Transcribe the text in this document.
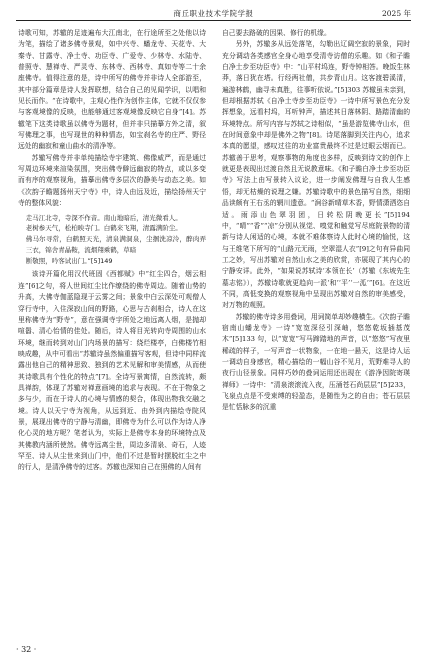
商丘职业技术学院学报	2025 年

诗歌可知，苏辙的足迹遍布大江南北，在行途所至之处他以诗为笔，描绘了诸多佛寺景观，如中兴寺、蟠龙寺、天花寺、大秦寺、甘露寺、净土寺、功臣寺、广爱寺、少林寺、水陆寺、普照寺、慧禅寺、严灵寺、东林寺、西林寺、真如寺等二十余座佛寺。值得注意的是，诗中所写的佛寺并非诗人全部游至，其中部分篇章是诗人发挥联想，结合自己的见闻学识，以唱和见长而作。“在诗歌中，主观心性作为创作主体，它就不仅仅参与客观境像的反映，也能够通过客观境像反映它自身”[4]。苏辙笔下这类诗歌虽以佛寺为题材，但并非只描摹方外之清，叙写佛理之事，也写现世的种种情态，如宝刹名寺的庄严、野径远处的幽寂和童山曲水的清净等。

苏辙写佛寺并非单纯描绘寺宇建筑、佛像威严，而是通过写周边环境来渲染氛围，突出佛寺僻远幽寂的特点，或以多变而有序的观察视角，描摹出佛寺多层次的静美与动态之美。如《次韵子瞻题扬州天宁寺》中，诗人由远及近，描绘扬州天宁寺的整体风貌：

走马江北寺，寺深不作音。南山地暗后，清光微看人。
老树参天气，松柏映寺门。白鹤来飞翔，清露满阶尘。
佛马尔寻常，白鹤照天光，清泉满洞泉，尘掴洗凉泠，醉肉弄三衣，锦舍青晶鞍，流烟翔乘鹤，草暗
断敬照，吟客试出门。”[5]149

该诗开篇化用汉代班固《西都赋》中“红尘四合，烟云相连”[6]之句，将人世间红尘比作缭绕的佛寺周边。随着山势的升高，大佛寺伽蓝隐现于云雾之间；景象中白云深处可观僧人穿行寺中，入住深寂山间的野路，心思与古刹相合，诗人在这里称佛寺为“野寺”，意在强调寺宇所处之地远离人烟，是抛却喧嚣、清心怡情的佳处。随后，诗人将目光转向寺周围的山水环境，继而转到对山门内场景的描写：绕烂楼亭，白佛楼竹相映成趣，从中可看出“苏辙诗虽然偏重描写客观，但诗中同样流露出他自己的精神思致、独到的艺术见解和审美情感，从而使其诗歌具有个性化的特点”[7]。全诗写景寓情，自然流转，颇具禅韵，体现了苏辙对禅意画境的追求与表现。不在于物象之多与少，而在于诗人的心境与情感的契合，体现出物我交融之境。诗人以天宁寺为视角，从远到近、由外到内描绘寺院风景，展现出佛寺的宁静与清幽，即佛寺为什么可以作为诗人净化心灵的地方呢？笔者认为，实际上是佛寺本身的环境特点及其佛教内涵所使然。佛寺远离尘世，周边多清泉、奇石，人迹罕至、诗人从尘世来到山门中，他们不过是暂时摆脱红尘之中的行人，是清净佛寺的过客。苏辙也深知自己在照佛的人间有

自己要去路破的因果、修行的机缘。

另外，苏辙多从远处落笔，勾勒出辽阔空寂的景象，同时充分调动各类感官全身心地享受清寺访僧的乐趣。如《和子瞻白净土步至功臣寺》中：“山平村坞连，野寺钟相答。晚饭生林莽，落日犹在塔。行经两社僧，共步青山月。这客渡碧溪清，遍游林鹤，幽寻未真胜，往事听依说。”[5]303 苏辙虽未亲到，但却根据苏轼《自净土寺步至功臣寺》一诗中所写景色充分发挥想象，远看村坞，耳听钟声，描述其日落林阴、路踏清幽的环境特点。所写内容与苏轼之诗相似，“虽是游览佛寺山水，但在时间意象中却是佛外之物”[8]。诗尾落脚到关注内心，追求本真的愿望，感叹过往的功业富贵最终不过是过眼云烟而已。苏辙善于思考，观察事物的角度也多样，反映到诗文的创作上就更是表现出过渡自然且无说教意味。《和子瞻白净土步至功臣寺》写法上由写景转入议论，进一步阐发佛理与自我人生感悟，却无枯燥的说理之嫌。苏辙诗歌中的景色描写自然，细细品读颇有王右丞的辋川遗意。“涧谷新晴草木香，野情潇洒恣自适。雨添山色翠羽团，日转松阴晚更长”[5]194 中，“晴”“香”“凉”分别从视觉、嗅觉和触觉写尽庭院景物的清新与诗人闲适的心境，本就不难体察诗人此时心境的愉悦，这与王维笔下所写的“山路元无雨，空翠湿人衣”[9]之句有异曲同工之妙，写出苏辙对自然山水之美的欣赏，亦展现了其内心的宁静安详。此外，“如果说苏轼诗‘本领在长’（苏辙《东坡先生墓志铭》），苏辙诗歌就更趋向一派‘和’‘平’‘一泒’”[6]。在这近不同，高低变换的观察视角中呈现出苏辙对自然的审美感受，对万物的观照。

苏辙的佛寺诗多用叠词，用词简单却妙趣横生。《次韵子瞻宿南山蟠龙寺》一诗“宽宽深径引深岫，悠悠乾坂插基茂木”[5]133 句，以“宽宽”写马蹄踏地的声音，以“悠悠”写夜里稀疏的样子，一写声音一状物象，一在地一悬天，这是诗人运一调动自身感官，精心描绘的一幅山谷不见月，荒野难寻人的夜行山径景象。同样巧妙的叠词运用还出现在《游净因院寄瑛禅师》一诗中：“清泉滚滚流入夜，压涌苍石尚层层”[5]233，飞泉点点是不受束缚的轻盈态，是随性为之的自由；苍石层层是忙恬脉多的沉重

· 32 ·
